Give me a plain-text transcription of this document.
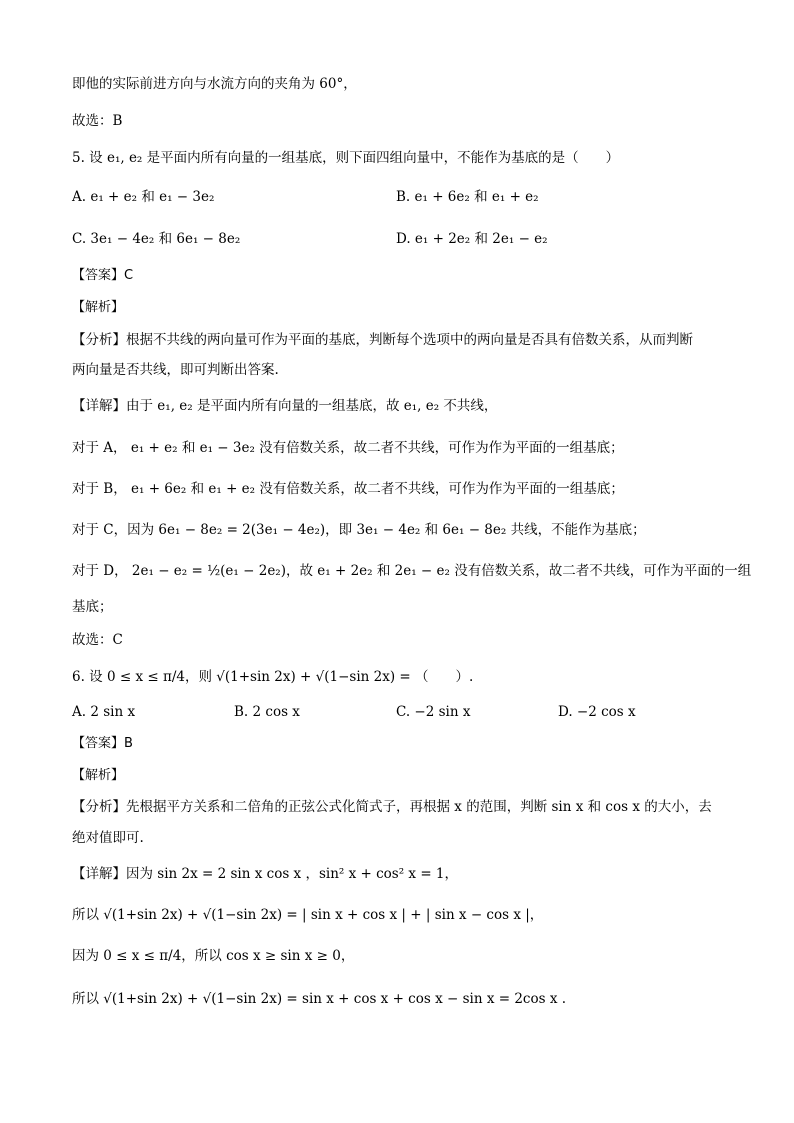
即他的实际前进方向与水流方向的夹角为 60°，
故选：B
5. 设 e₁, e₂ 是平面内所有向量的一组基底，则下面四组向量中，不能作为基底的是（　　）
A. e₁ + e₂ 和 e₁ − 3e₂	B. e₁ + 6e₂ 和 e₁ + e₂
C. 3e₁ − 4e₂ 和 6e₁ − 8e₂	D. e₁ + 2e₂ 和 2e₁ − e₂
【答案】C
【解析】
【分析】根据不共线的两向量可作为平面的基底，判断每个选项中的两向量是否具有倍数关系，从而判断
两向量是否共线，即可判断出答案.
【详解】由于 e₁, e₂ 是平面内所有向量的一组基底，故 e₁, e₂ 不共线，
对于 A， e₁ + e₂ 和 e₁ − 3e₂ 没有倍数关系，故二者不共线，可作为作为平面的一组基底；
对于 B， e₁ + 6e₂ 和 e₁ + e₂ 没有倍数关系，故二者不共线，可作为作为平面的一组基底；
对于 C，因为 6e₁ − 8e₂ = 2(3e₁ − 4e₂)，即 3e₁ − 4e₂ 和 6e₁ − 8e₂ 共线，不能作为基底；
对于 D， 2e₁ − e₂ = ½(e₁ − 2e₂)，故 e₁ + 2e₂ 和 2e₁ − e₂ 没有倍数关系，故二者不共线，可作为平面的一组
基底；
故选：C
6. 设 0 ≤ x ≤ π/4，则 √(1+sin 2x) + √(1−sin 2x) = （　　）.
A. 2 sin x	B. 2 cos x	C. −2 sin x	D. −2 cos x
【答案】B
【解析】
【分析】先根据平方关系和二倍角的正弦公式化简式子，再根据 x 的范围，判断 sin x 和 cos x 的大小，去
绝对值即可.
【详解】因为 sin 2x = 2 sin x cos x ，sin² x + cos² x = 1，
所以 √(1+sin 2x) + √(1−sin 2x) = | sin x + cos x | + | sin x − cos x |，
因为 0 ≤ x ≤ π/4，所以 cos x ≥ sin x ≥ 0，
所以 √(1+sin 2x) + √(1−sin 2x) = sin x + cos x + cos x − sin x = 2cos x .
